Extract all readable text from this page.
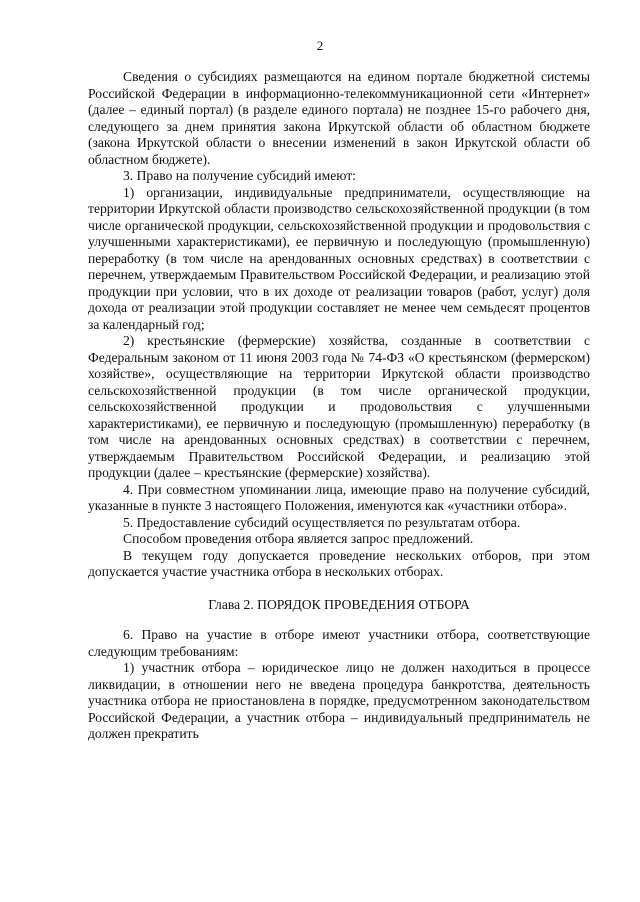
2

Сведения о субсидиях размещаются на едином портале бюджетной системы Российской Федерации в информационно-телекоммуникационной сети «Интернет» (далее – единый портал) (в разделе единого портала) не позднее 15-го рабочего дня, следующего за днем принятия закона Иркутской области об областном бюджете (закона Иркутской области о внесении изменений в закон Иркутской области об областном бюджете).

3. Право на получение субсидий имеют:

1) организации, индивидуальные предприниматели, осуществляющие на территории Иркутской области производство сельскохозяйственной продукции (в том числе органической продукции, сельскохозяйственной продукции и продовольствия с улучшенными характеристиками), ее первичную и последующую (промышленную) переработку (в том числе на арендованных основных средствах) в соответствии с перечнем, утверждаемым Правительством Российской Федерации, и реализацию этой продукции при условии, что в их доходе от реализации товаров (работ, услуг) доля дохода от реализации этой продукции составляет не менее чем семьдесят процентов за календарный год;

2) крестьянские (фермерские) хозяйства, созданные в соответствии с Федеральным законом от 11 июня 2003 года № 74-ФЗ «О крестьянском (фермерском) хозяйстве», осуществляющие на территории Иркутской области производство сельскохозяйственной продукции (в том числе органической продукции, сельскохозяйственной продукции и продовольствия с улучшенными характеристиками), ее первичную и последующую (промышленную) переработку (в том числе на арендованных основных средствах) в соответствии с перечнем, утверждаемым Правительством Российской Федерации, и реализацию этой продукции (далее – крестьянские (фермерские) хозяйства).

4. При совместном упоминании лица, имеющие право на получение субсидий, указанные в пункте 3 настоящего Положения, именуются как «участники отбора».

5. Предоставление субсидий осуществляется по результатам отбора.

Способом проведения отбора является запрос предложений.

В текущем году допускается проведение нескольких отборов, при этом допускается участие участника отбора в нескольких отборах.

Глава 2. ПОРЯДОК ПРОВЕДЕНИЯ ОТБОРА

6. Право на участие в отборе имеют участники отбора, соответствующие следующим требованиям:

1) участник отбора – юридическое лицо не должен находиться в процессе ликвидации, в отношении него не введена процедура банкротства, деятельность участника отбора не приостановлена в порядке, предусмотренном законодательством Российской Федерации, а участник отбора – индивидуальный предприниматель не должен прекратить
